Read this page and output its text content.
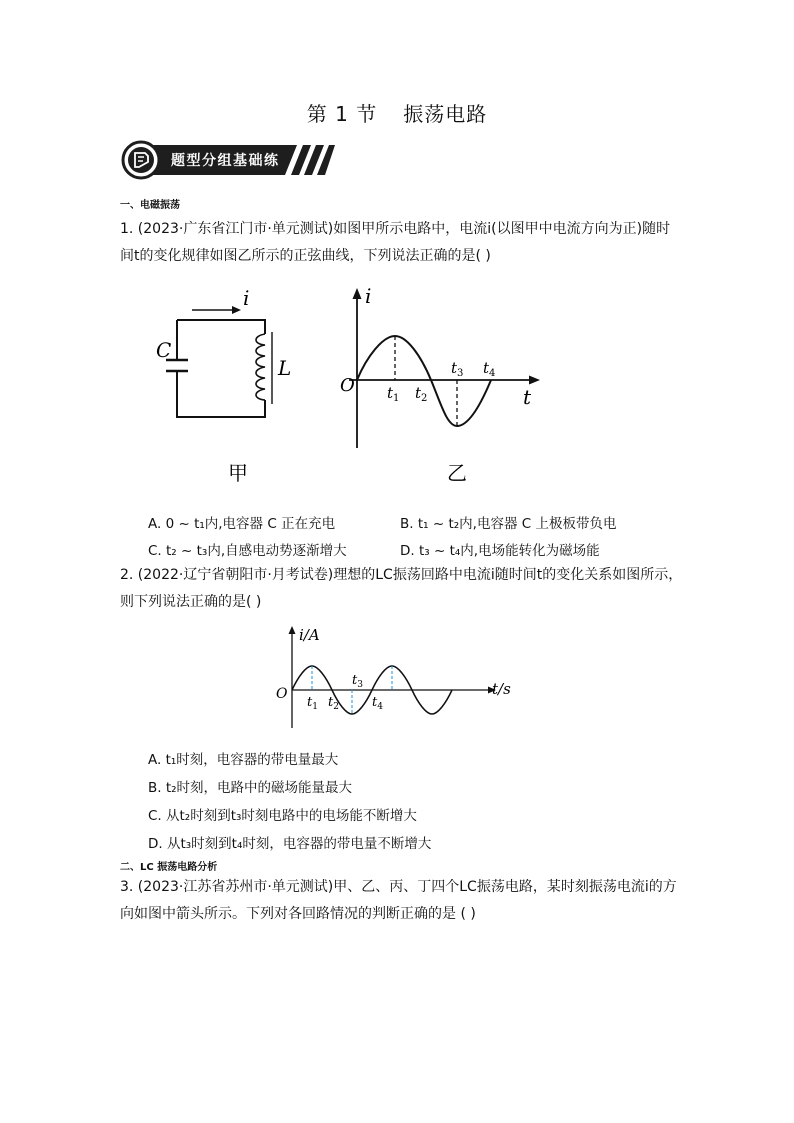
第 1 节 振荡电路
题型分组基础练
一、电磁振荡
1. (2023·广东省江门市·单元测试)如图甲所示电路中，电流i(以图甲中电流方向为正)随时
间t的变化规律如图乙所示的正弦曲线，下列说法正确的是( )
i
C
L
甲
i
O	t
$t_1$ $t_2$
$t_3$ $t_4$
乙
A. 0 ~ t₁内,电容器 C 正在充电	B. t₁ ~ t₂内,电容器 C 上极板带负电
C. t₂ ~ t₃内,自感电动势逐渐增大	D. t₃ ~ t₄内,电场能转化为磁场能
2. (2022·辽宁省朝阳市·月考试卷)理想的LC振荡回路中电流i随时间t的变化关系如图所示，
则下列说法正确的是( )
i/A
O	t/s
$t_1$ $t_2$
$t_3$
$t_4$
A. t₁时刻，电容器的带电量最大
B. t₂时刻，电路中的磁场能量最大
C. 从t₂时刻到t₃时刻电路中的电场能不断增大
D. 从t₃时刻到t₄时刻，电容器的带电量不断增大
二、LC 振荡电路分析
3. (2023·江苏省苏州市·单元测试)甲、乙、丙、丁四个LC振荡电路，某时刻振荡电流i的方
向如图中箭头所示。下列对各回路情况的判断正确的是 ( )
